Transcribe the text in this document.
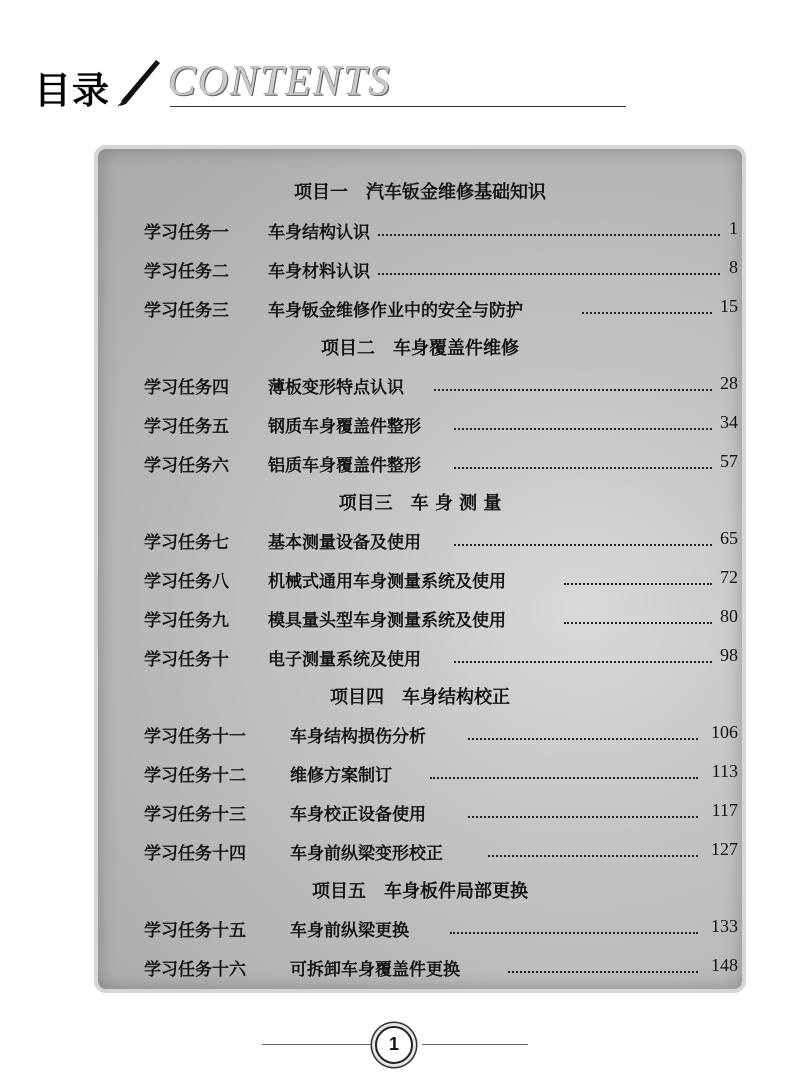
目录 CONTENTS
项目一　汽车钣金维修基础知识
学习任务一 车身结构认识	1
学习任务二 车身材料认识	8
学习任务三 车身钣金维修作业中的安全与防护	15
项目二　车身覆盖件维修
学习任务四 薄板变形特点认识	28
学习任务五 钢质车身覆盖件整形	34
学习任务六 铝质车身覆盖件整形	57
项目三　车 身 测 量
学习任务七 基本测量设备及使用	65
学习任务八 机械式通用车身测量系统及使用	72
学习任务九 模具量头型车身测量系统及使用	80
学习任务十 电子测量系统及使用	98
项目四　车身结构校正
学习任务十一	车身结构损伤分析	106
学习任务十二	维修方案制订	113
学习任务十三	车身校正设备使用	117
学习任务十四	车身前纵梁变形校正	127
项目五　车身板件局部更换
学习任务十五	车身前纵梁更换	133
学习任务十六	可拆卸车身覆盖件更换	148
1
